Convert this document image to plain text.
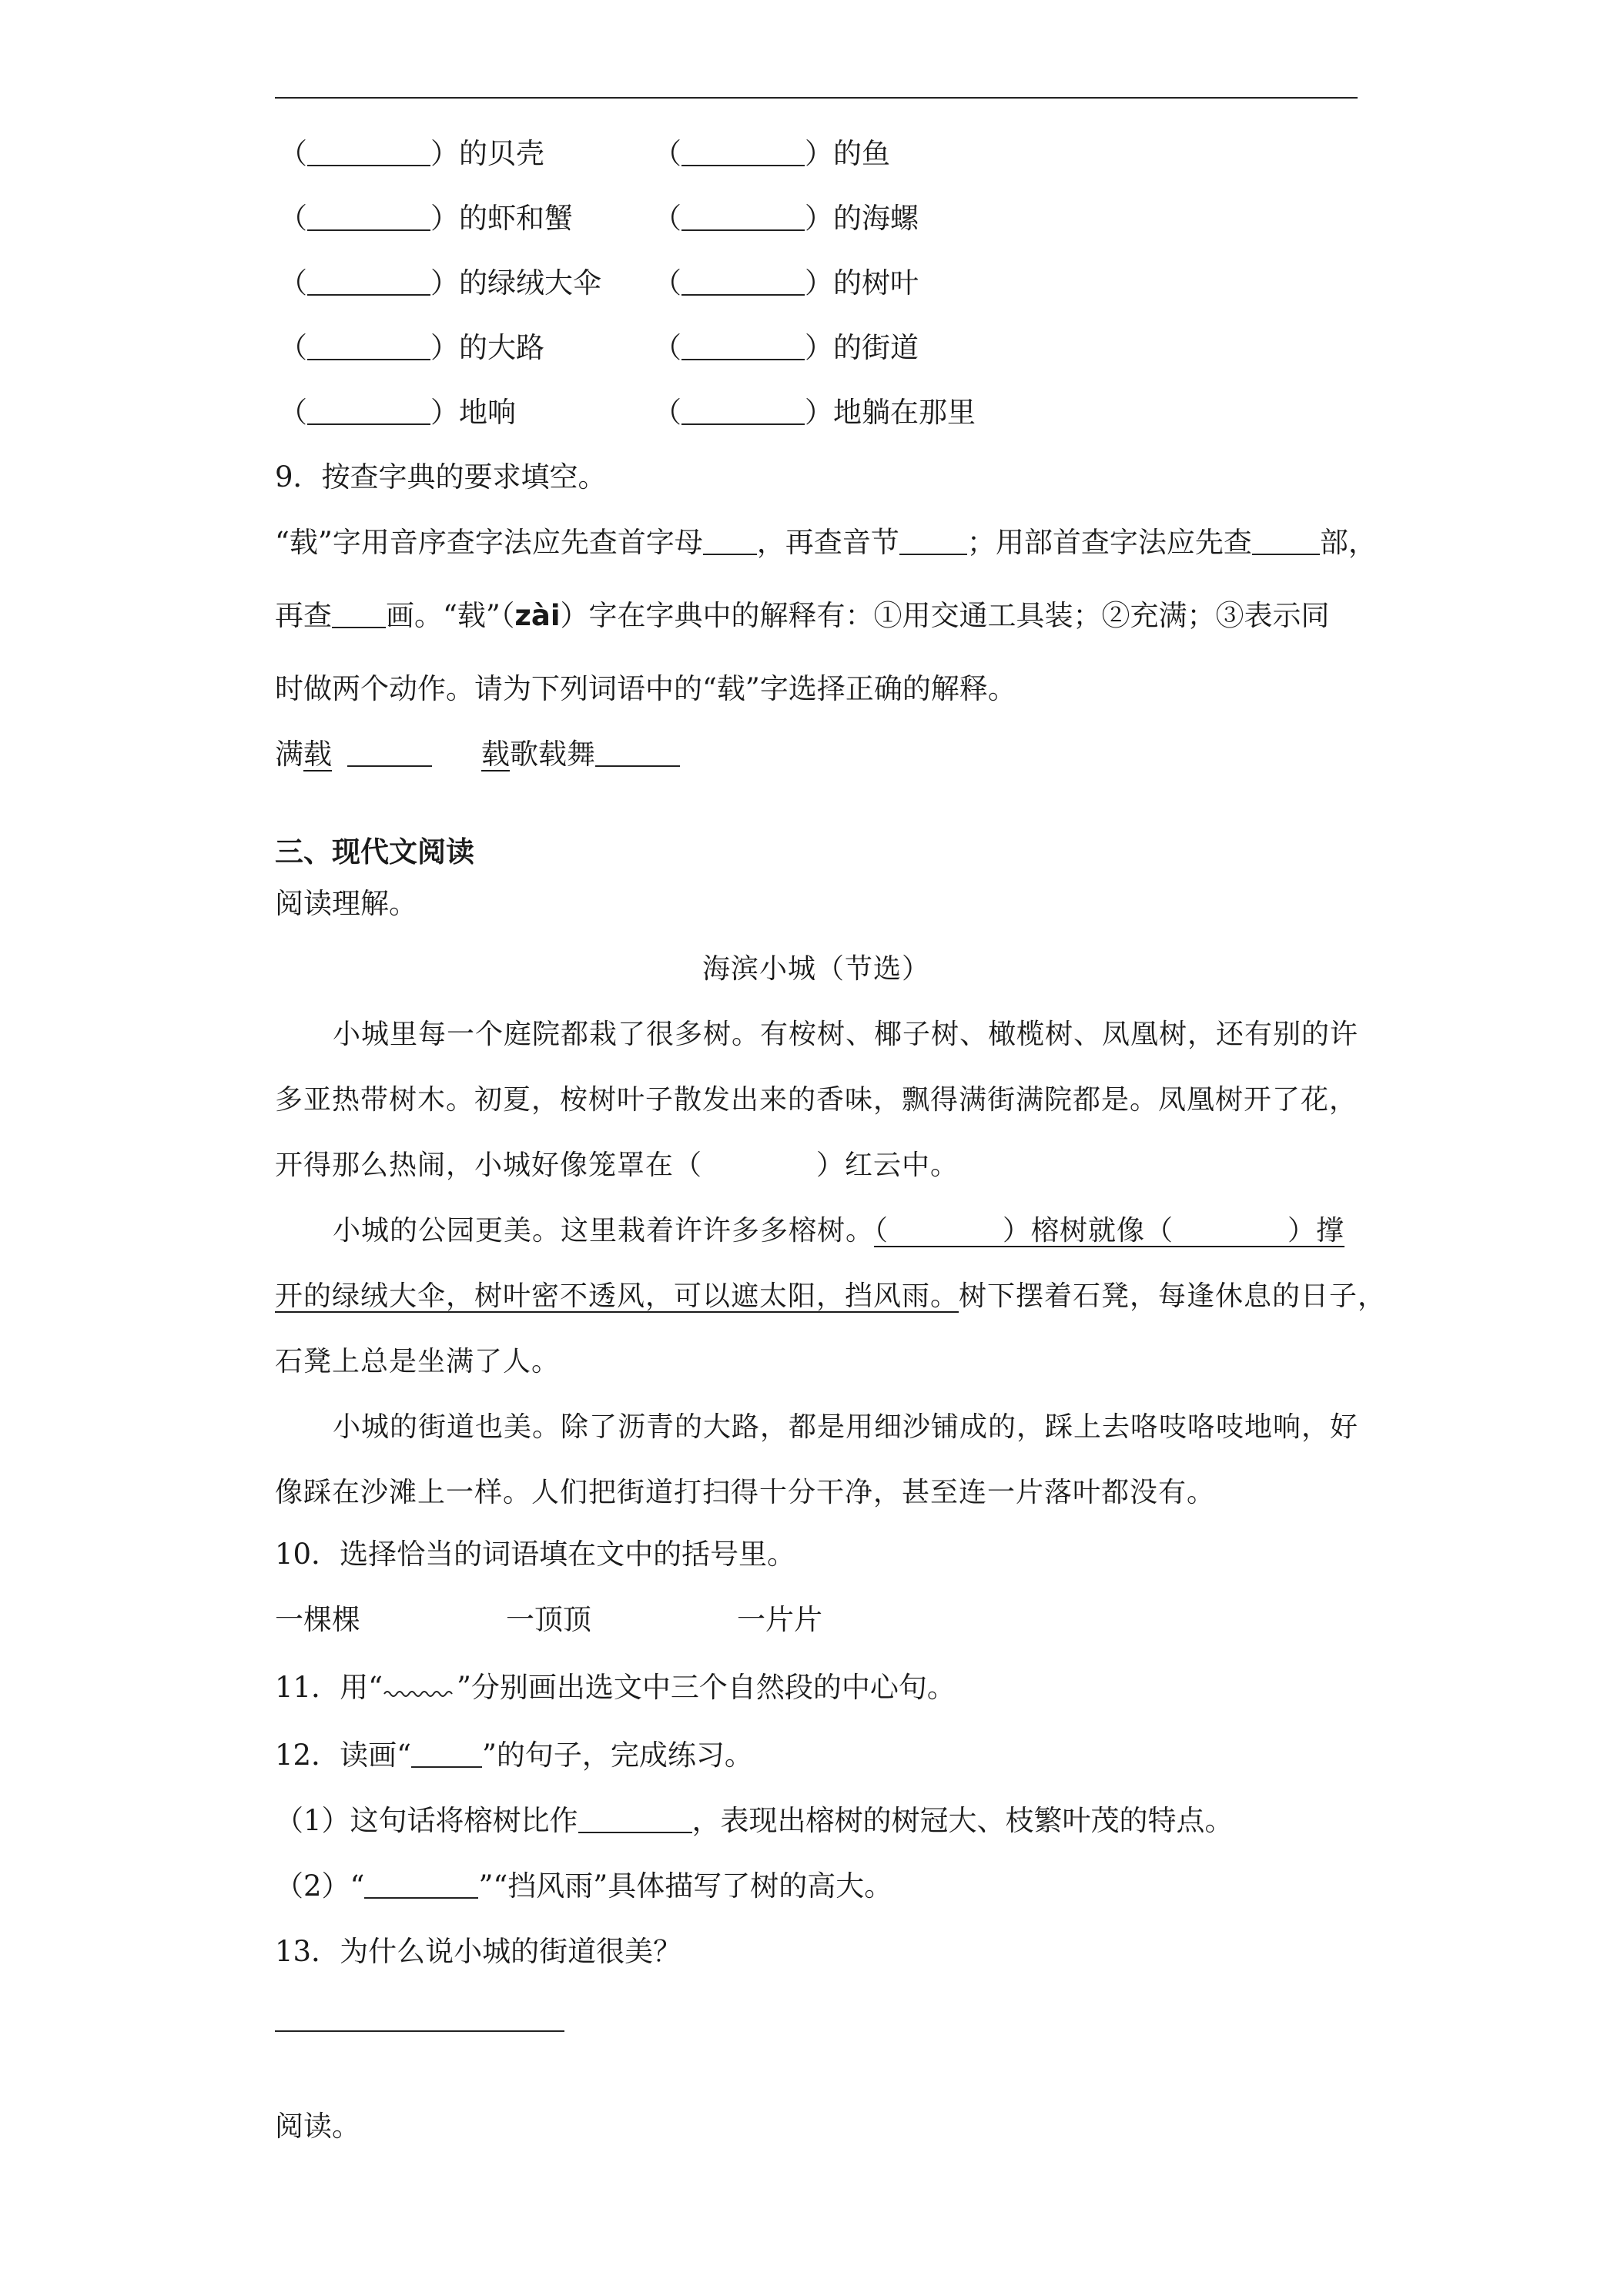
（	）的贝壳	（	）的鱼
（	）的虾和蟹	（	）的海螺
（	）的绿绒大伞 （	）的树叶
（	）的大路	（	）的街道
（	）地响	（	）地躺在那里
9．按查字典的要求填空。
“载”字用音序查字法应先查首字母 ，再查音节 ；用部首查字法应先查 部，
再查 画。“载”（zài）字在字典中的解释有：①用交通工具装；②充满；③表示同
时做两个动作。请为下列词语中的“载”字选择正确的解释。
满载	载歌载舞
三、现代文阅读
阅读理解。
海滨小城（节选）
小城里每一个庭院都栽了很多树。有桉树、椰子树、橄榄树、凤凰树，还有别的许
多亚热带树木。初夏，桉树叶子散发出来的香味，飘得满街满院都是。凤凰树开了花，
开得那么热闹，小城好像笼罩在（　　　　）红云中。
小城的公园更美。这里栽着许许多多榕树。（　　　　）榕树就像（　　　　）撑
开的绿绒大伞，树叶密不透风，可以遮太阳，挡风雨。树下摆着石凳，每逢休息的日子，
石凳上总是坐满了人。
小城的街道也美。除了沥青的大路，都是用细沙铺成的，踩上去咯吱咯吱地响，好
像踩在沙滩上一样。人们把街道打扫得十分干净，甚至连一片落叶都没有。
10．选择恰当的词语填在文中的括号里。
一棵棵	一顶顶	一片片
11．用“	”分别画出选文中三个自然段的中心句。
12．读画“ ”的句子，完成练习。
（1）这句话将榕树比作	，表现出榕树的树冠大、枝繁叶茂的特点。
（2）“	”“挡风雨”具体描写了树的高大。
13．为什么说小城的街道很美？
阅读。
